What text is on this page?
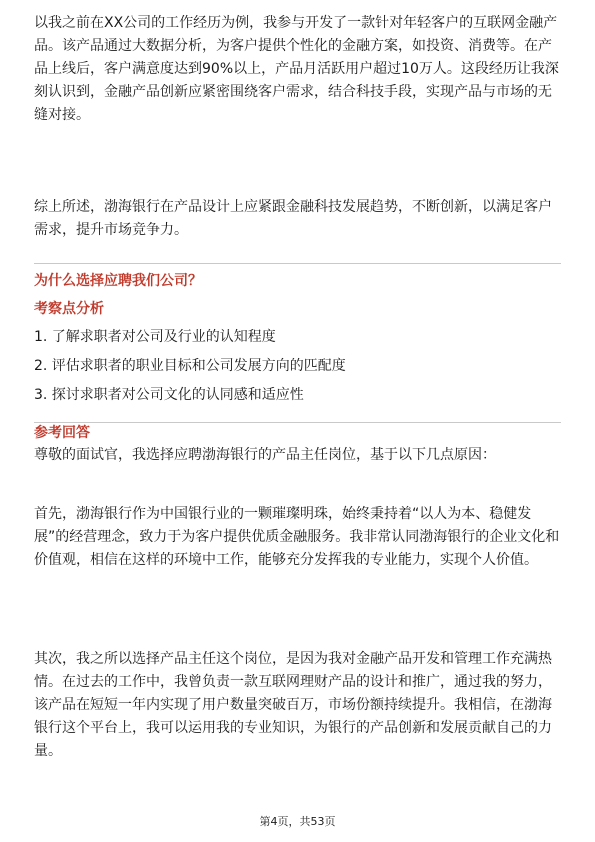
以我之前在XX公司的工作经历为例，我参与开发了一款针对年轻客户的互联网金融产品。该产品通过大数据分析，为客户提供个性化的金融方案，如投资、消费等。在产品上线后，客户满意度达到90%以上，产品月活跃用户超过10万人。这段经历让我深刻认识到，金融产品创新应紧密围绕客户需求，结合科技手段，实现产品与市场的无缝对接。

综上所述，渤海银行在产品设计上应紧跟金融科技发展趋势，不断创新，以满足客户需求，提升市场竞争力。

为什么选择应聘我们公司？
考察点分析

1. 了解求职者对公司及行业的认知程度

2. 评估求职者的职业目标和公司发展方向的匹配度

3. 探讨求职者对公司文化的认同感和适应性

参考回答

尊敬的面试官，我选择应聘渤海银行的产品主任岗位，基于以下几点原因：

首先，渤海银行作为中国银行业的一颗璀璨明珠，始终秉持着“以人为本、稳健发展”的经营理念，致力于为客户提供优质金融服务。我非常认同渤海银行的企业文化和价值观，相信在这样的环境中工作，能够充分发挥我的专业能力，实现个人价值。

其次，我之所以选择产品主任这个岗位，是因为我对金融产品开发和管理工作充满热情。在过去的工作中，我曾负责一款互联网理财产品的设计和推广，通过我的努力，该产品在短短一年内实现了用户数量突破百万，市场份额持续提升。我相信，在渤海银行这个平台上，我可以运用我的专业知识，为银行的产品创新和发展贡献自己的力量。

第4页，共53页
